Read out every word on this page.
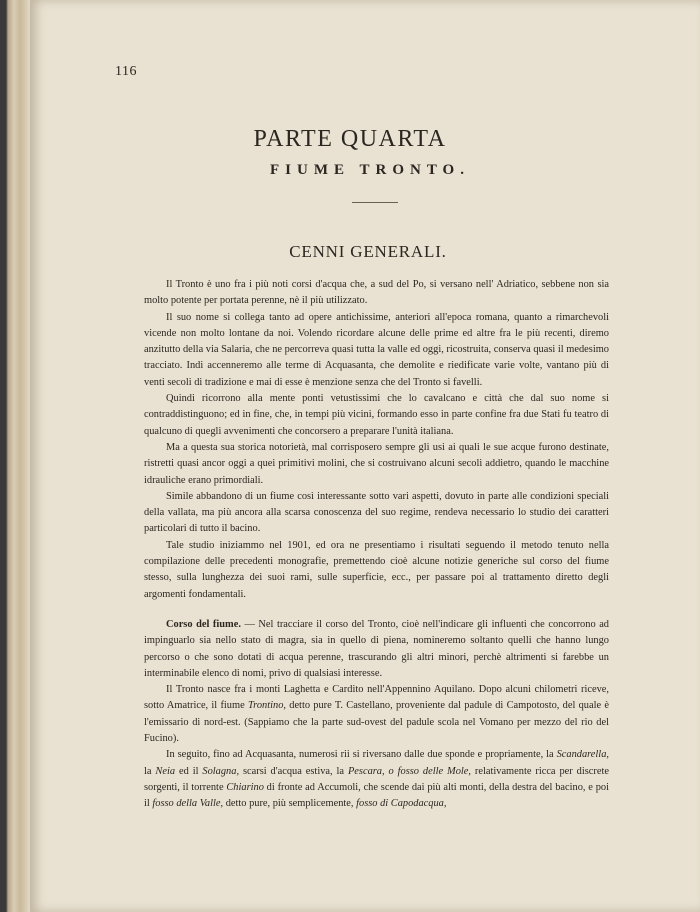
116
PARTE QUARTA
FIUME TRONTO.
CENNI GENERALI.

Il Tronto è uno fra i più noti corsi d'acqua che, a sud del Po, si versano nell' Adriatico, sebbene non sia molto potente per portata perenne, nè il più utilizzato.

Il suo nome si collega tanto ad opere antichissime, anteriori all'epoca romana, quanto a rimarchevoli vicende non molto lontane da noi. Volendo ricordare alcune delle prime ed altre fra le più recenti, diremo anzitutto della via Salaria, che ne percorreva quasi tutta la valle ed oggi, ricostruita, conserva quasi il medesimo tracciato. Indi accenneremo alle terme di Acquasanta, che demolite e riedificate varie volte, vantano più di venti secoli di tradizione e mai di esse è menzione senza che del Tronto si favelli.

Quindi ricorrono alla mente ponti vetustissimi che lo cavalcano e città che dal suo nome si contraddistinguono; ed in fine, che, in tempi più vicini, formando esso in parte confine fra due Stati fu teatro di qualcuno di quegli avvenimenti che concorsero a preparare l'unità italiana.

Ma a questa sua storica notorietà, mal corrisposero sempre gli usi ai quali le sue acque furono destinate, ristretti quasi ancor oggi a quei primitivi molini, che si costruivano alcuni secoli addietro, quando le macchine idrauliche erano primordiali.

Simile abbandono di un fiume così interessante sotto vari aspetti, dovuto in parte alle condizioni speciali della vallata, ma più ancora alla scarsa conoscenza del suo regime, rendeva necessario lo studio dei caratteri particolari di tutto il bacino.

Tale studio iniziammo nel 1901, ed ora ne presentiamo i risultati seguendo il metodo tenuto nella compilazione delle precedenti monografie, premettendo cioè alcune notizie generiche sul corso del fiume stesso, sulla lunghezza dei suoi rami, sulle superficie, ecc., per passare poi al trattamento diretto degli argomenti fondamentali.

Corso del fiume. — Nel tracciare il corso del Tronto, cioè nell'indicare gli influenti che concorrono ad impinguarlo sia nello stato di magra, sia in quello di piena, nomineremo soltanto quelli che hanno lungo percorso o che sono dotati di acqua perenne, trascurando gli altri minori, perchè altrimenti si farebbe un interminabile elenco di nomi, privo di qualsiasi interesse.

Il Tronto nasce fra i monti Laghetta e Cardito nell'Appennino Aquilano. Dopo alcuni chilometri riceve, sotto Amatrice, il fiume Trontino, detto pure T. Castellano, proveniente dal padule di Campotosto, del quale è l'emissario di nord-est. (Sappiamo che la parte sud-ovest del padule scola nel Vomano per mezzo del rio del Fucino).

In seguito, fino ad Acquasanta, numerosi rii si riversano dalle due sponde e propriamente, la Scandarella, la Neia ed il Solagna, scarsi d'acqua estiva, la Pescara, o fosso delle Mole, relativamente ricca per discrete sorgenti, il torrente Chiarino di fronte ad Accumoli, che scende dai più alti monti, della destra del bacino, e poi il fosso della Valle, detto pure, più semplicemente, fosso di Capodacqua,
